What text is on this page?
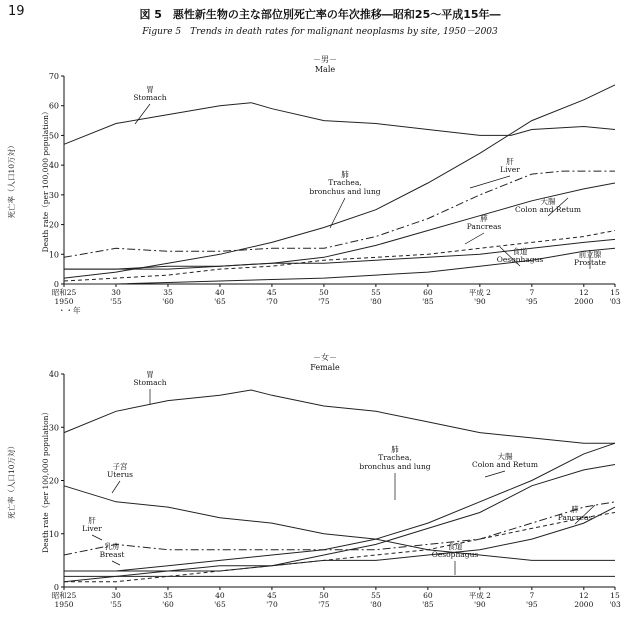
19	図 5　悪性新生物の主な部位別死亡率の年次推移―昭和25～平成15年―
Figure 5　Trends in death rates for malignant neoplasms by site, 1950－2003
0
10
20
30
40
50
60
70
昭和25
1950
30
'55
35
'60
40
'65
45
'70
50
'75
55
'80
60
'85
平成 2
'90
7
'95
12
2000
15
'03
・・年
Death rate（per 100,000 population）
死亡率（人口10万対）
－男－
Male
胃
Stomach
肺
Trachea,
bronchus and lung
肝
Liver
大腸
Colon and Retum
膵
Pancreas
食道
Oesophagus
前立腺
Prostate
0
10
20
30
40
昭和25
1950
30
'55
35
'60
40
'65
45
'70
50
'75
55
'80
60
'85
平成 2
'90
7
'95
12
2000
15
'03
Death rate（per 100,000 population）
死亡率（人口10万対）
－女－
Female
胃
Stomach
子宮
Uterus
肺
Trachea,
bronchus and lung
大腸
Colon and Retum
肝
Liver
膵
Pancreas
乳房
Breast
食道
Oesophagus
